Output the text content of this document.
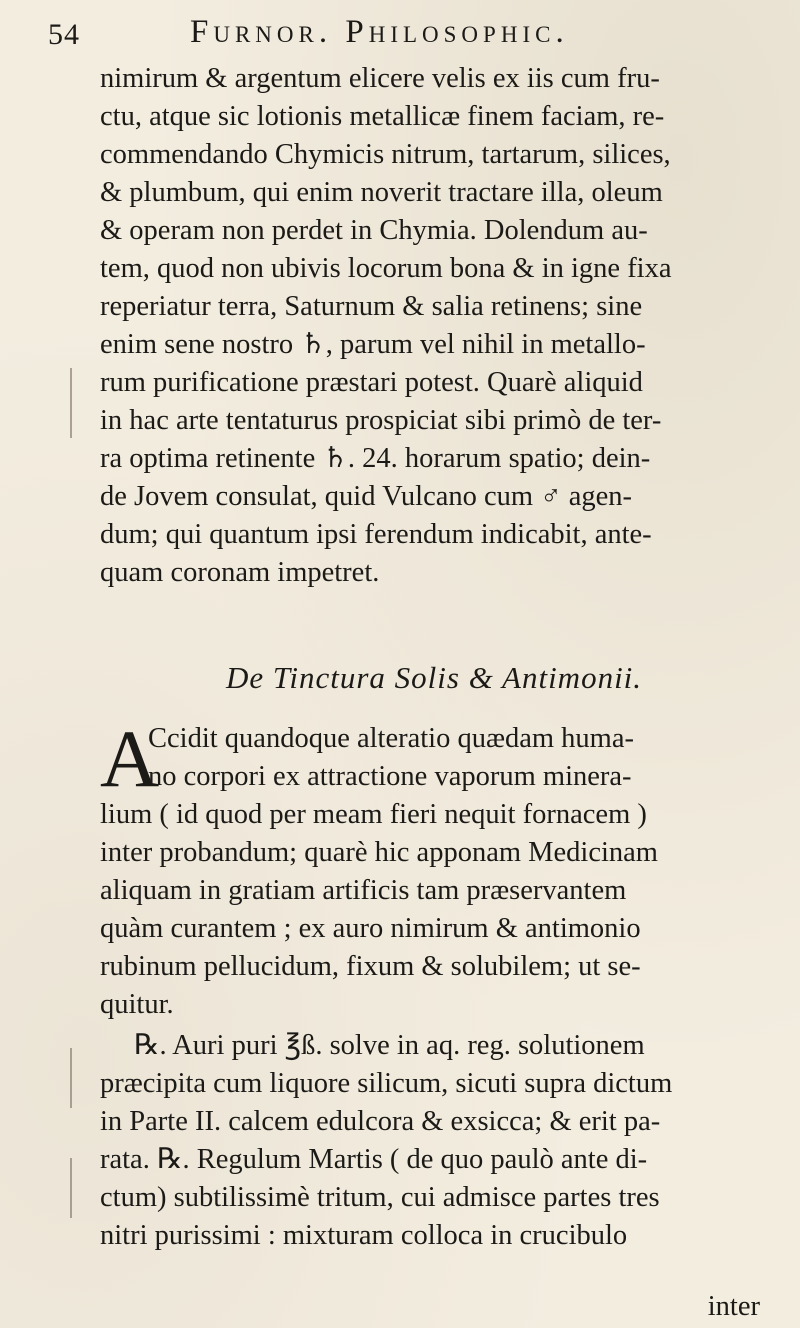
54	Furnor. Philosophic.
nimirum & argentum elicere velis ex iis cum fru-
ctu, atque sic lotionis metallicæ finem faciam, re-
commendando Chymicis nitrum, tartarum, silices,
& plumbum, qui enim noverit tractare illa, oleum
& operam non perdet in Chymia. Dolendum au-
tem, quod non ubivis locorum bona & in igne fixa
reperiatur terra, Saturnum & salia retinens; sine
enim sene nostro ♄, parum vel nihil in metallo-
rum purificatione præstari potest. Quarè aliquid
in hac arte tentaturus prospiciat sibi primò de ter-
ra optima retinente ♄. 24. horarum spatio; dein-
de Jovem consulat, quid Vulcano cum ♂ agen-
dum; qui quantum ipsi ferendum indicabit, ante-
quam coronam impetret.
De Tinctura Solis & Antimonii.
A
Ccidit quandoque alteratio quædam huma-
no corpori ex attractione vaporum minera-
lium ( id quod per meam fieri nequit fornacem )
inter probandum; quarè hic apponam Medicinam
aliquam in gratiam artificis tam præservantem
quàm curantem ; ex auro nimirum & antimonio
rubinum pellucidum, fixum & solubilem; ut se-
quitur.
℞. Auri puri ℥ß. solve in aq. reg. solutionem
præcipita cum liquore silicum, sicuti supra dictum
in Parte II. calcem edulcora & exsicca; & erit pa-
rata. ℞. Regulum Martis ( de quo paulò ante di-
ctum) subtilissimè tritum, cui admisce partes tres
nitri purissimi : mixturam colloca in crucibulo
inter
